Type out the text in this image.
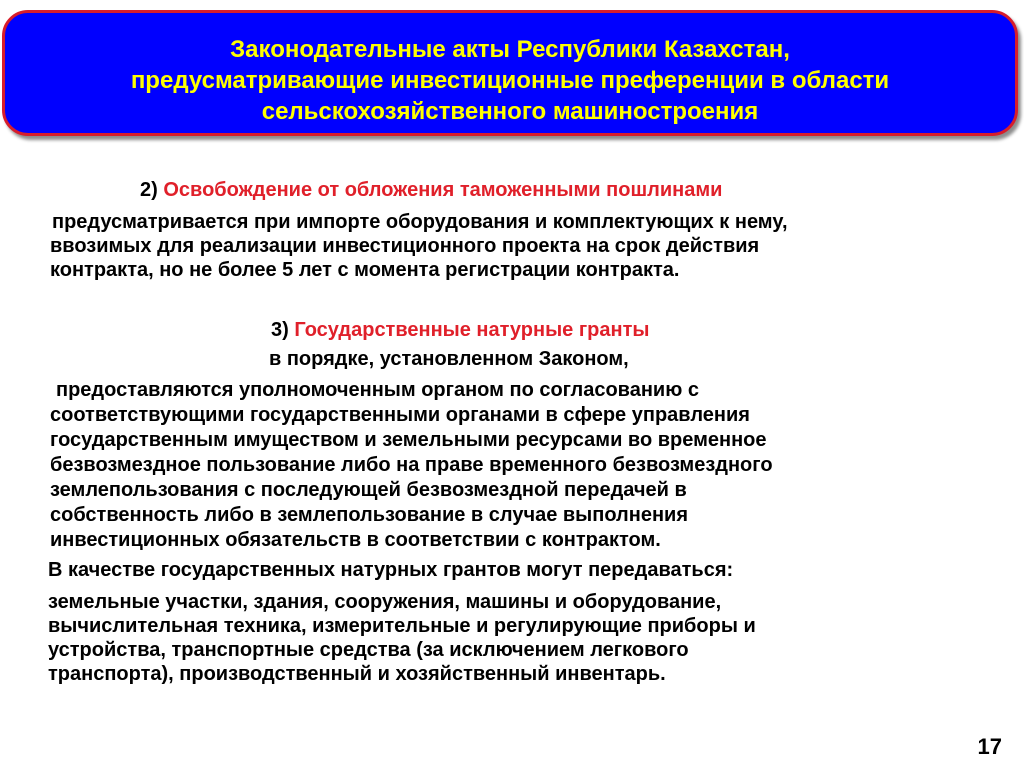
Законодательные акты Республики Казахстан,
предусматривающие инвестиционные преференции в области
сельскохозяйственного машиностроения

2) Освобождение от обложения таможенными пошлинами

предусматривается при импорте оборудования и комплектующих к нему,

ввозимых для реализации инвестиционного проекта на срок действия

контракта, но не более 5 лет с момента регистрации контракта.

3) Государственные натурные гранты

в порядке, установленном Законом,

предоставляются уполномоченным органом по согласованию с

соответствующими государственными органами в сфере управления

государственным имуществом и земельными ресурсами во временное

безвозмездное пользование либо на праве временного безвозмездного

землепользования с последующей безвозмездной передачей в

собственность либо в землепользование в случае выполнения

инвестиционных обязательств в соответствии с контрактом.

В качестве государственных натурных грантов могут передаваться:

земельные участки, здания, сооружения, машины и оборудование,

вычислительная техника, измерительные и регулирующие приборы и

устройства, транспортные средства (за исключением легкового

транспорта), производственный и хозяйственный инвентарь.

17
